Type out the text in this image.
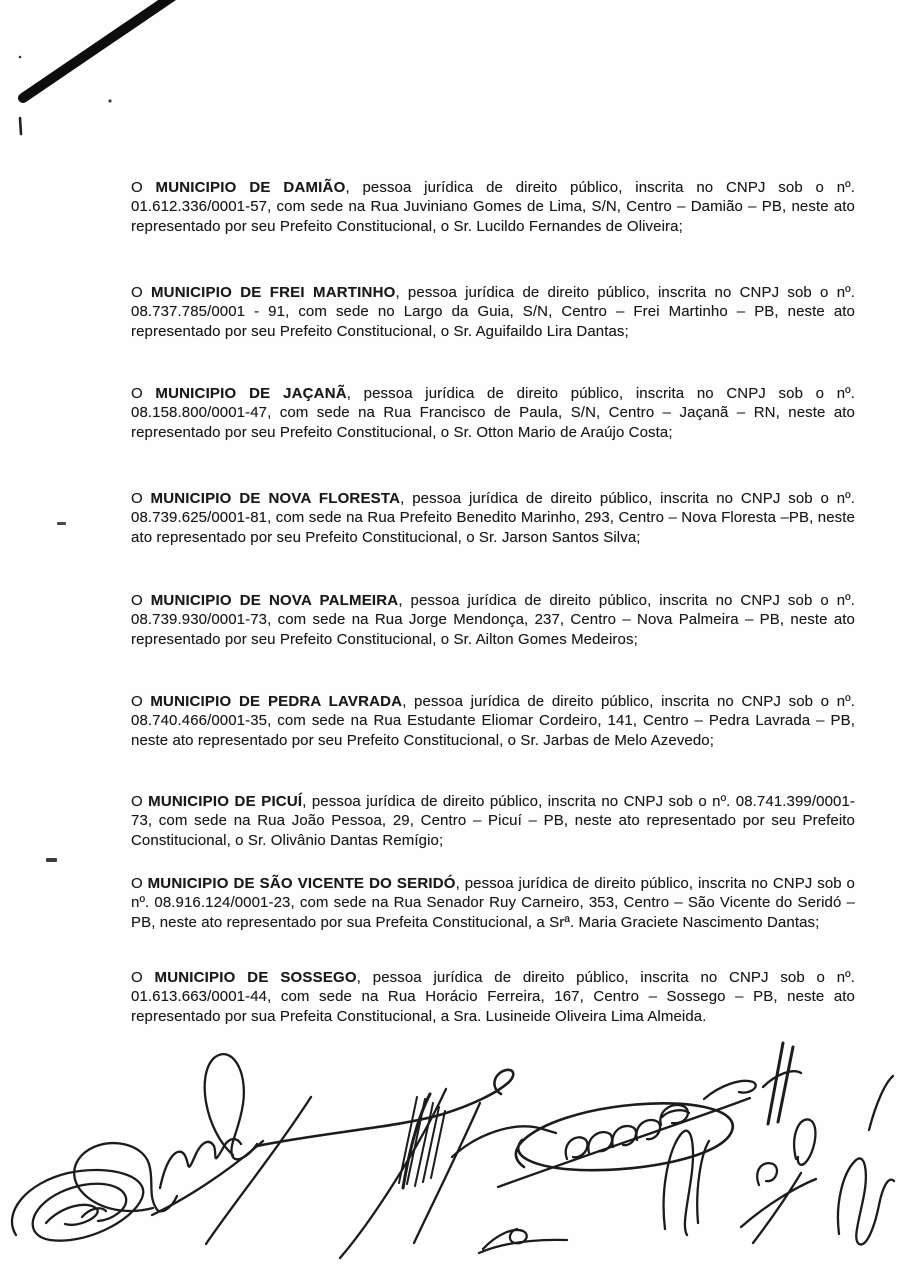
O MUNICIPIO DE DAMIÃO, pessoa jurídica de direito público, inscrita no CNPJ sob o nº. 01.612.336/0001-57, com sede na Rua Juviniano Gomes de Lima, S/N, Centro – Damião – PB, neste ato representado por seu Prefeito Constitucional, o Sr. Lucildo Fernandes de Oliveira;

O MUNICIPIO DE FREI MARTINHO, pessoa jurídica de direito público, inscrita no CNPJ sob o nº. 08.737.785/0001 - 91, com sede no Largo da Guia, S/N, Centro – Frei Martinho – PB, neste ato representado por seu Prefeito Constitucional, o Sr. Aguifaildo Lira Dantas;

O MUNICIPIO DE JAÇANÃ, pessoa jurídica de direito público, inscrita no CNPJ sob o nº. 08.158.800/0001-47, com sede na Rua Francisco de Paula, S/N, Centro – Jaçanã – RN, neste ato representado por seu Prefeito Constitucional, o Sr. Otton Mario de Araújo Costa;

O MUNICIPIO DE NOVA FLORESTA, pessoa jurídica de direito público, inscrita no CNPJ sob o nº. 08.739.625/0001-81, com sede na Rua Prefeito Benedito Marinho, 293, Centro – Nova Floresta –PB, neste ato representado por seu Prefeito Constitucional, o Sr. Jarson Santos Silva;

O MUNICIPIO DE NOVA PALMEIRA, pessoa jurídica de direito público, inscrita no CNPJ sob o nº. 08.739.930/0001-73, com sede na Rua Jorge Mendonça, 237, Centro – Nova Palmeira – PB, neste ato representado por seu Prefeito Constitucional, o Sr. Ailton Gomes Medeiros;

O MUNICIPIO DE PEDRA LAVRADA, pessoa jurídica de direito público, inscrita no CNPJ sob o nº. 08.740.466/0001-35, com sede na Rua Estudante Eliomar Cordeiro, 141, Centro – Pedra Lavrada – PB, neste ato representado por seu Prefeito Constitucional, o Sr. Jarbas de Melo Azevedo;

O MUNICIPIO DE PICUÍ, pessoa jurídica de direito público, inscrita no CNPJ sob o nº. 08.741.399/0001-73, com sede na Rua João Pessoa, 29, Centro – Picuí – PB, neste ato representado por seu Prefeito Constitucional, o Sr. Olivânio Dantas Remígio;

O MUNICIPIO DE SÃO VICENTE DO SERIDÓ, pessoa jurídica de direito público, inscrita no CNPJ sob o nº. 08.916.124/0001-23, com sede na Rua Senador Ruy Carneiro, 353, Centro – São Vicente do Seridó – PB, neste ato representado por sua Prefeita Constitucional, a Srª. Maria Graciete Nascimento Dantas;

O MUNICIPIO DE SOSSEGO, pessoa jurídica de direito público, inscrita no CNPJ sob o nº. 01.613.663/0001-44, com sede na Rua Horácio Ferreira, 167, Centro – Sossego – PB, neste ato representado por sua Prefeita Constitucional, a Sra. Lusineide Oliveira Lima Almeida.
